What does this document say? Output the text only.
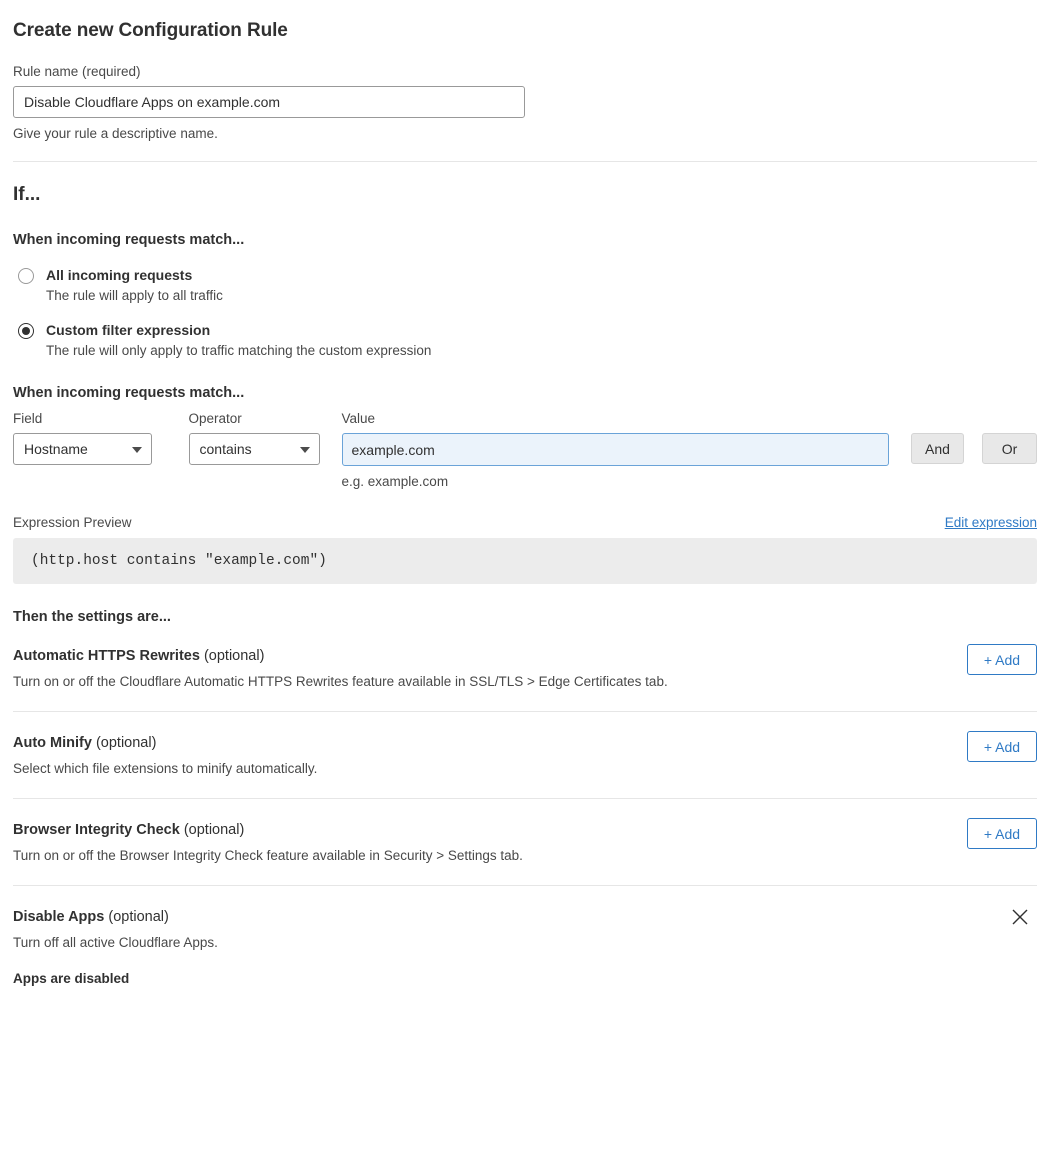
Create new Configuration Rule
Rule name (required)
Disable Cloudflare Apps on example.com
Give your rule a descriptive name.
If...
When incoming requests match...
All incoming requests
The rule will apply to all traffic
Custom filter expression
The rule will only apply to traffic matching the custom expression
When incoming requests match...
Field
Hostname
Operator
contains
Value
example.com
e.g. example.com
And	Or
Expression Preview	Edit expression
(http.host contains "example.com")
Then the settings are...
Automatic HTTPS Rewrites (optional)
Turn on or off the Cloudflare Automatic HTTPS Rewrites feature available in SSL/TLS > Edge Certificates tab.
+ Add
Auto Minify (optional)
Select which file extensions to minify automatically.
+ Add
Browser Integrity Check (optional)
Turn on or off the Browser Integrity Check feature available in Security > Settings tab.
+ Add
Disable Apps (optional)
Turn off all active Cloudflare Apps.
Apps are disabled
